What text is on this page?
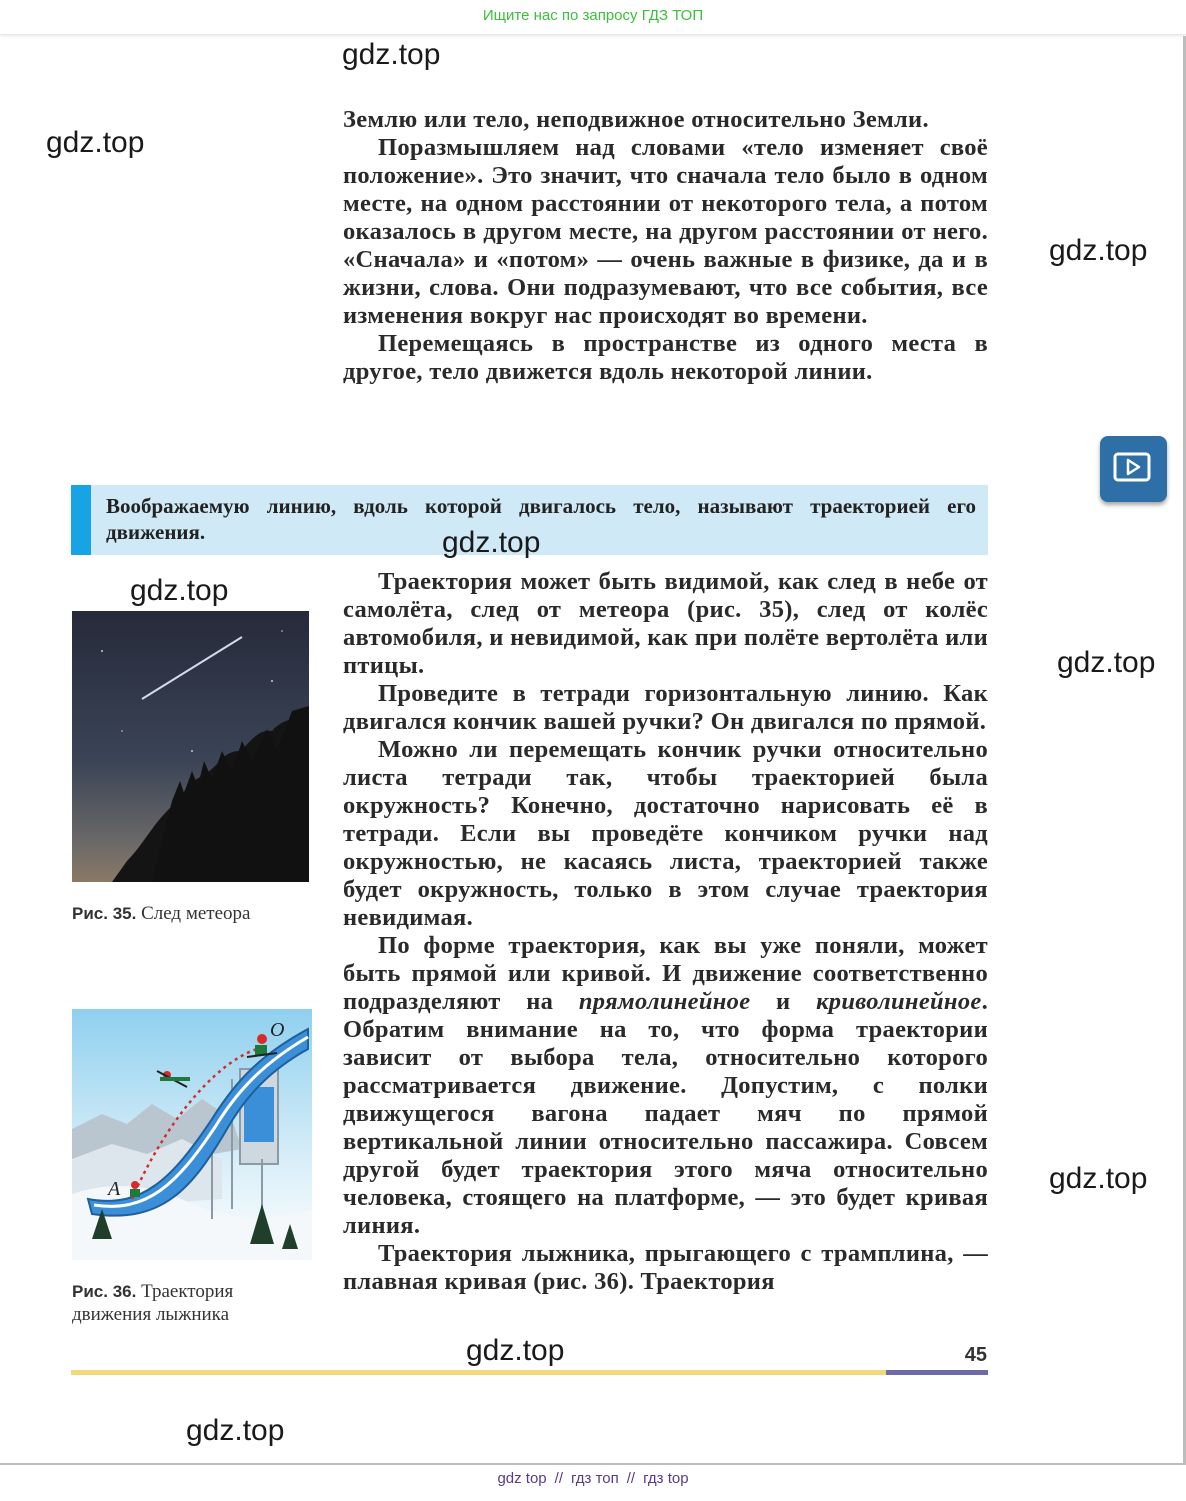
Ищите нас по запросу ГДЗ ТОП
gdz.top
gdz.top
gdz.top
gdz.top
gdz.top
gdz.top
gdz.top
gdz.top

Землю или тело, неподвижное относительно Земли.

Поразмышляем над словами «тело изменяет своё положение». Это значит, что сначала тело было в одном месте, на одном расстоянии от некоторого тела, а потом оказалось в другом месте, на другом расстоянии от него. «Сначала» и «потом» — очень важные в физике, да и в жизни, слова. Они подразумевают, что все события, все изменения вокруг нас происходят во времени.

Перемещаясь в пространстве из одного места в другое, тело движется вдоль некоторой линии.

Воображаемую линию, вдоль которой двигалось тело, называют траекторией его движения.	gdz.top

Траектория может быть видимой, как след в небе от самолёта, след от метеора (рис. 35), след от колёс автомобиля, и невидимой, как при полёте вертолёта или птицы.

Проведите в тетради горизонтальную линию. Как двигался кончик вашей ручки? Он двигался по прямой.

Можно ли перемещать кончик ручки относительно листа тетради так, чтобы траекторией была окружность? Конечно, достаточно нарисовать её в тетради. Если вы проведёте кончиком ручки над окружностью, не касаясь листа, траекторией также будет окружность, только в этом случае траектория невидимая.

По форме траектория, как вы уже поняли, может быть прямой или кривой. И движение соответственно подразделяют на прямолинейное и криволинейное. Обратим внимание на то, что форма траектории зависит от выбора тела, относительно которого рассматривается движение. Допустим, с полки движущегося вагона падает мяч по прямой вертикальной линии относительно пассажира. Совсем другой будет траектория этого мяча относительно человека, стоящего на платформе, — это будет кривая линия.

Траектория лыжника, прыгающего с трамплина, — плавная кривая (рис. 36). Траектория

Рис. 35. След метеора
O
A
Рис. 36. Траектория
движения лыжника
45
gdz top // гдз топ // гдз top
